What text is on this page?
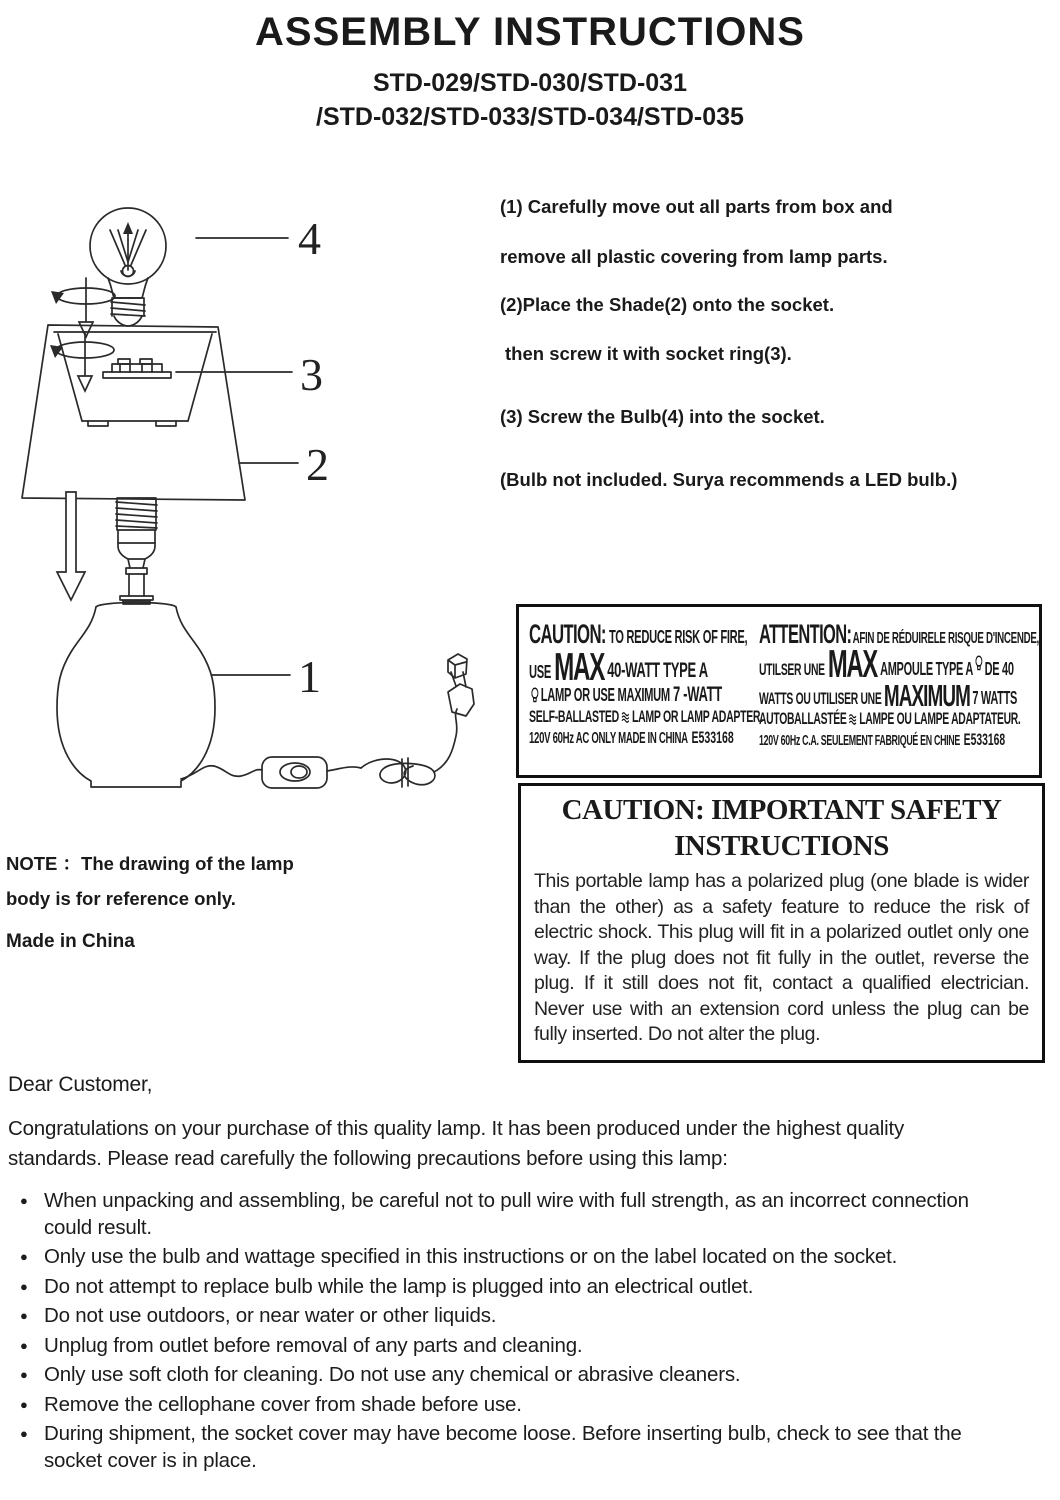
ASSEMBLY INSTRUCTIONS
STD-029/STD-030/STD-031
/STD-032/STD-033/STD-034/STD-035
(1) Carefully move out all parts from box and
remove all plastic covering from lamp parts.
(2)Place the Shade(2) onto the socket.
then screw it with socket ring(3).
(3) Screw the Bulb(4) into the socket.
(Bulb not included. Surya recommends a LED bulb.)
4
3
2
1
CAUTION: TO REDUCE RISK OF FIRE,
USE MAX 40-WATT TYPE A
LAMP OR USE MAXIMUM 7 -WATT
SELF-BALLASTED LAMP OR LAMP ADAPTER.
120V 60Hz AC ONLY MADE IN CHINA E533168
ATTENTION: AFIN DE RÉDUIRELE RISQUE D'INCENDE,
UTILSER UNE MAX AMPOULE TYPE A DE 40
WATTS OU UTILISER UNE MAXIMUM 7 WATTS
AUTOBALLASTÉE LAMPE OU LAMPE ADAPTATEUR.
120V 60Hz C.A. SEULEMENT FABRIQUÉ EN CHINE E533168
CAUTION: IMPORTANT SAFETY
INSTRUCTIONS
This portable lamp has a polarized plug (one blade is wider than the other) as a safety feature to reduce the risk of electric shock. This plug will fit in a polarized outlet only one way. If the plug does not fit fully in the outlet, reverse the plug. If it still does not fit, contact a qualified electrician. Never use with an extension cord unless the plug can be fully inserted. Do not alter the plug.
NOTE ：The drawing of the lamp
body is for reference only.
Made in China
Dear Customer,
Congratulations on your purchase of this quality lamp. It has been produced under the highest quality standards. Please read carefully the following precautions before using this lamp:
● When unpacking and assembling, be careful not to pull wire with full strength, as an incorrect connection could result.
● Only use the bulb and wattage specified in this instructions or on the label located on the socket.
● Do not attempt to replace bulb while the lamp is plugged into an electrical outlet.
● Do not use outdoors, or near water or other liquids.
● Unplug from outlet before removal of any parts and cleaning.
● Only use soft cloth for cleaning. Do not use any chemical or abrasive cleaners.
● Remove the cellophane cover from shade before use.
● During shipment, the socket cover may have become loose. Before inserting bulb, check to see that the socket cover is in place.
